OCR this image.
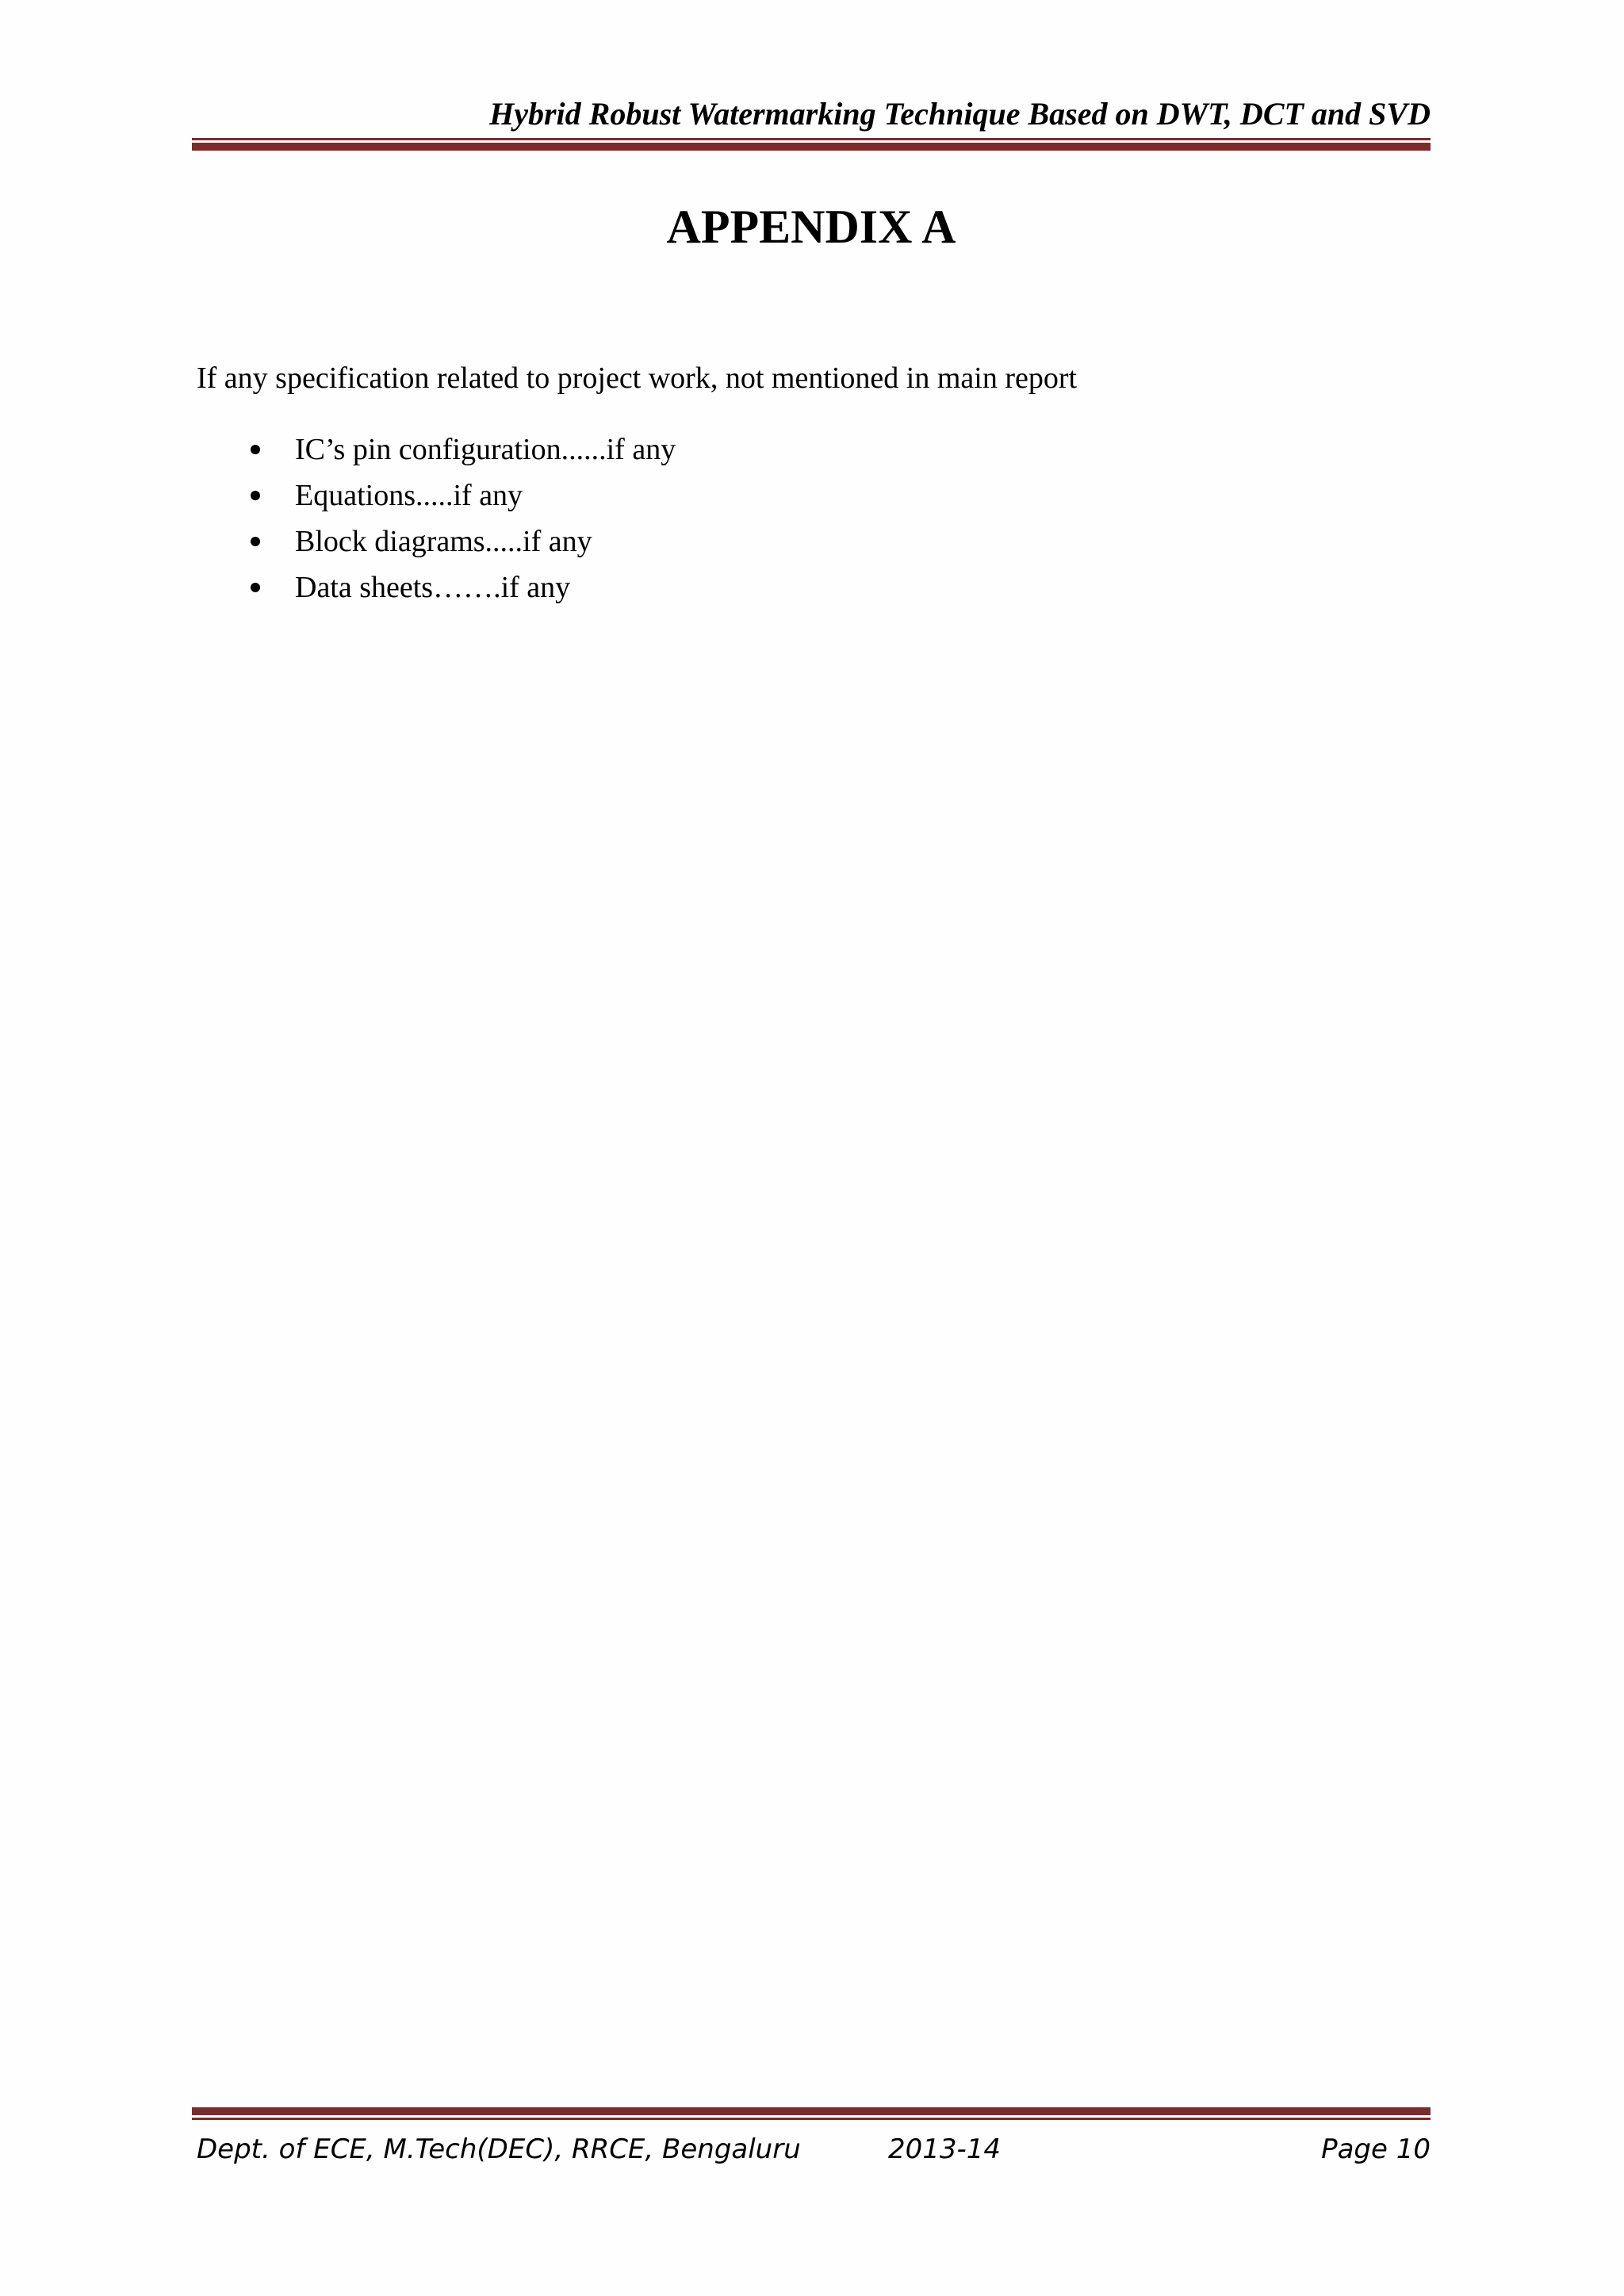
Hybrid Robust Watermarking Technique Based on DWT, DCT and SVD
APPENDIX A
If any specification related to project work, not mentioned in main report
IC’s pin configuration......if any
Equations.....if any
Block diagrams.....if any
Data sheets…….if any
Dept. of ECE, M.Tech(DEC), RRCE, Bengaluru	2013-14	Page 10
